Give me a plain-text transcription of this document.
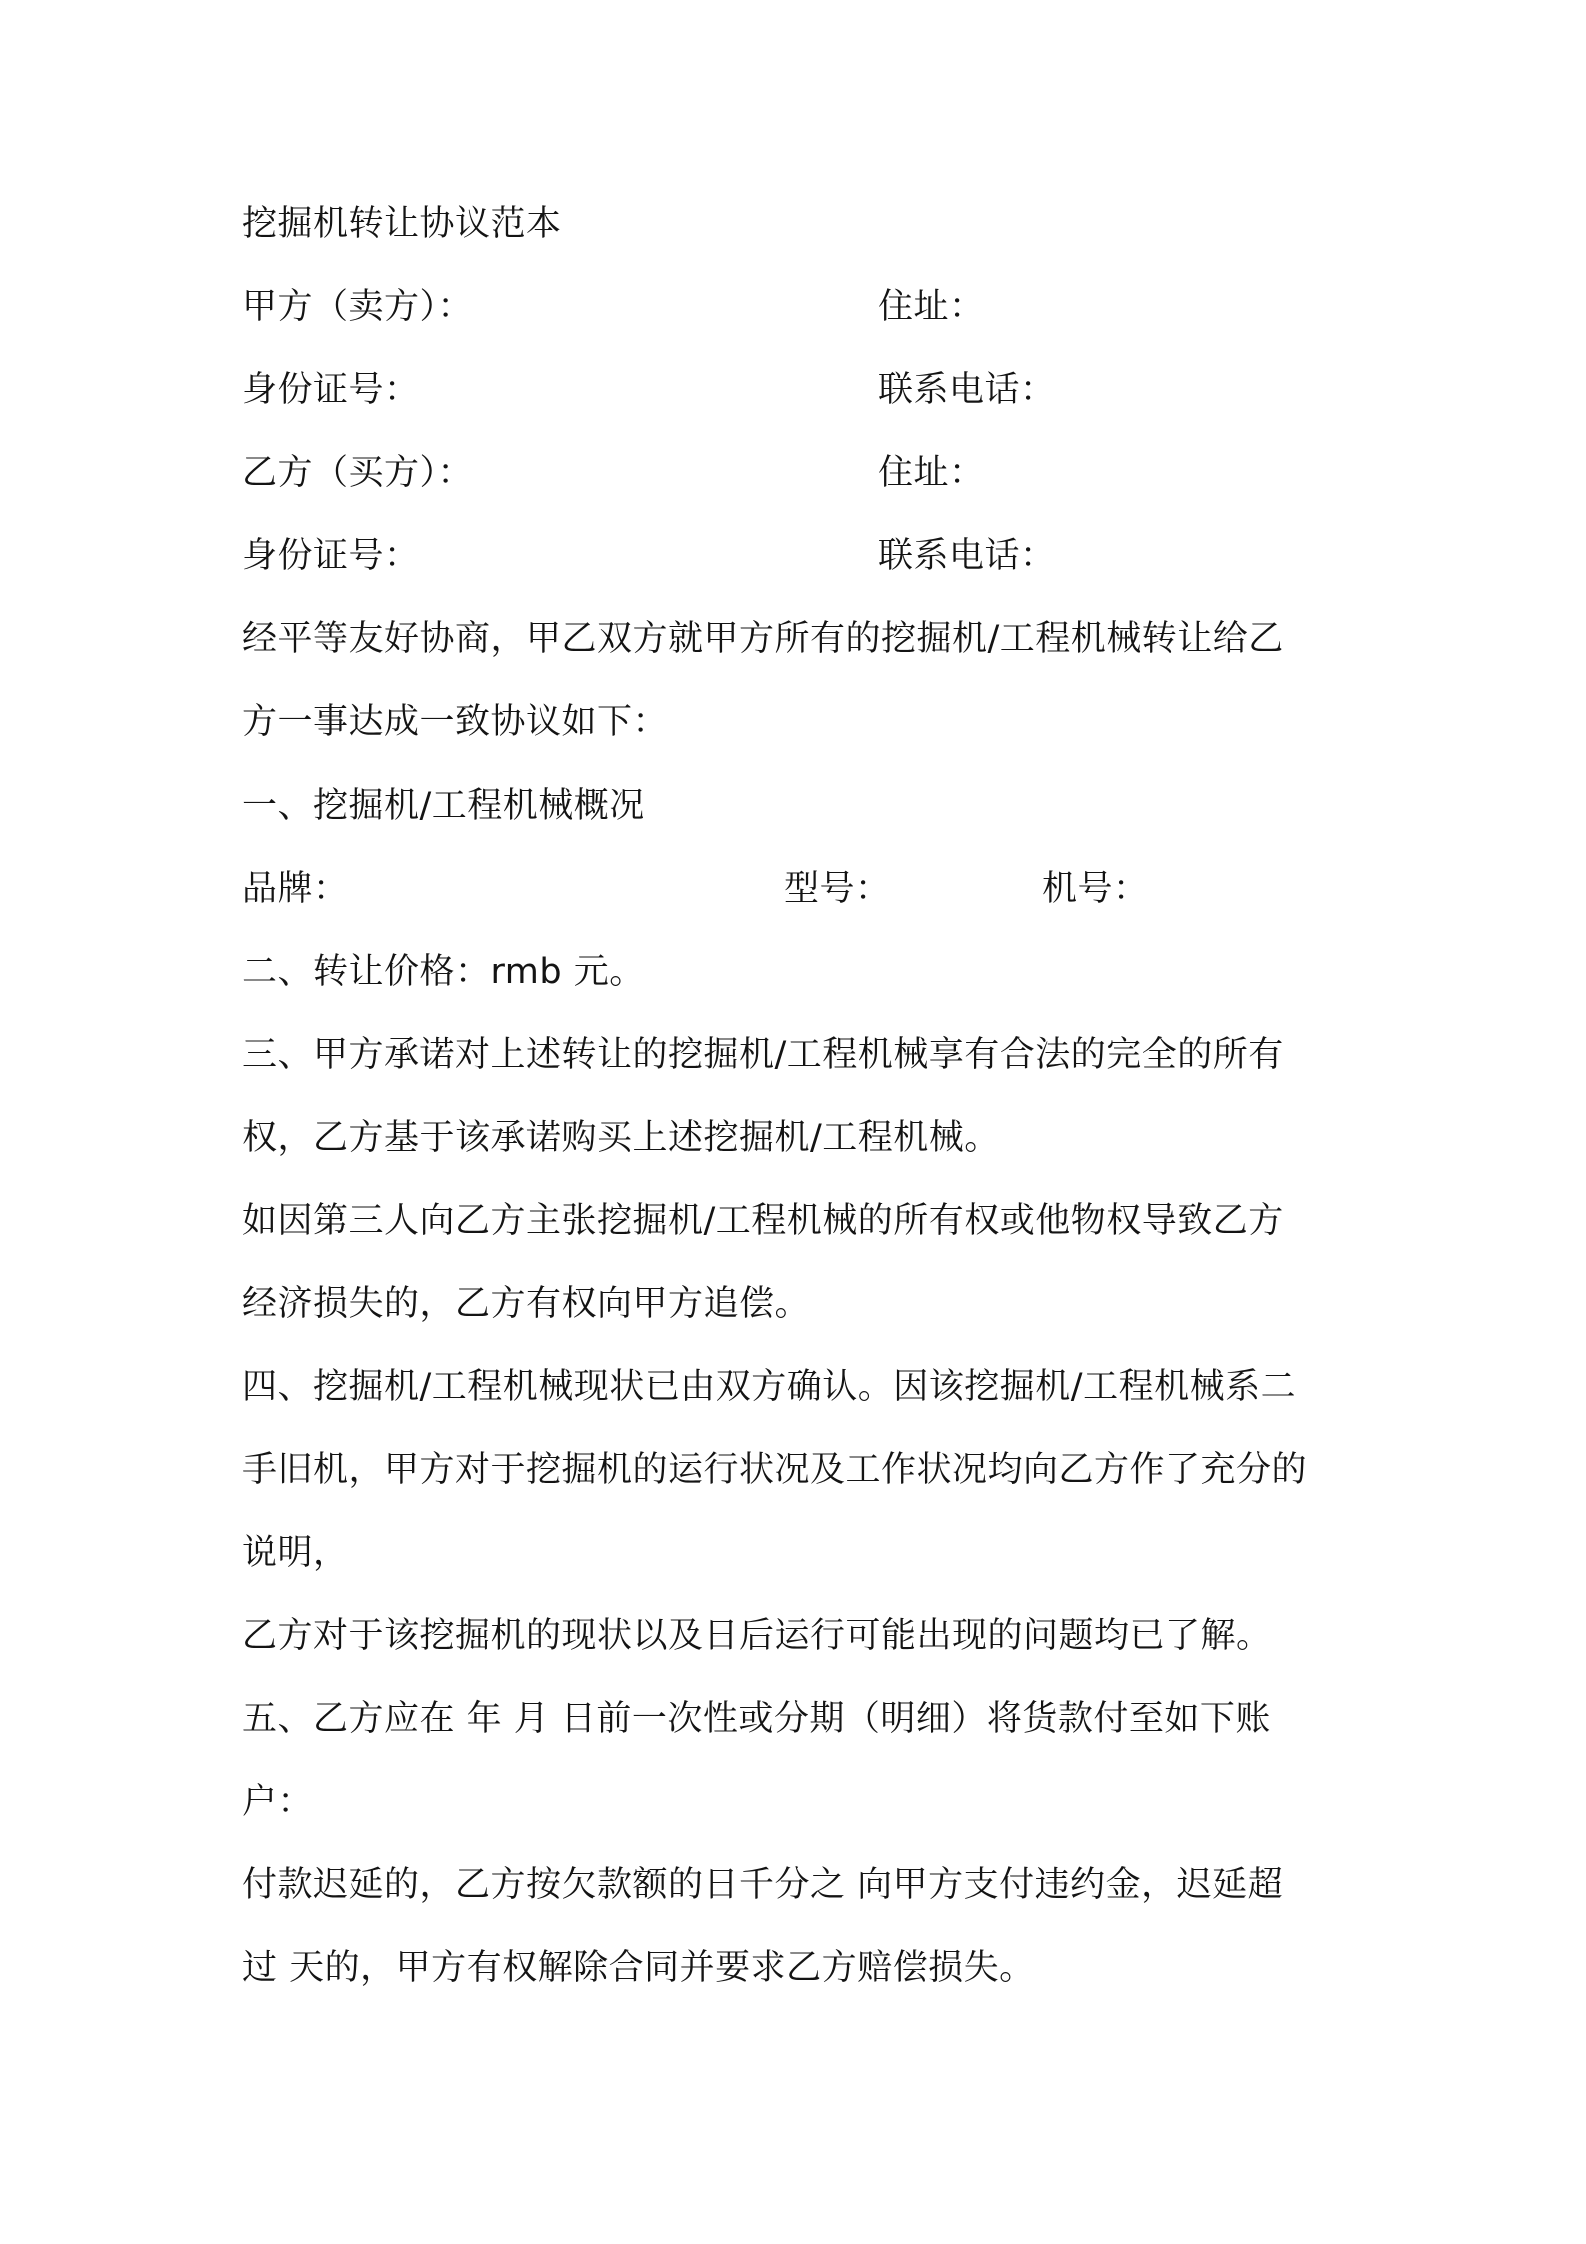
挖掘机转让协议范本
甲方（卖方）：	住址：
身份证号：	联系电话：
乙方（买方）：	住址：
身份证号：	联系电话：
经平等友好协商，甲乙双方就甲方所有的挖掘机/工程机械转让给乙
方一事达成一致协议如下：
一、挖掘机/工程机械概况
品牌：	型号：	机号：
二、转让价格：rmb 元。
三、甲方承诺对上述转让的挖掘机/工程机械享有合法的完全的所有
权，乙方基于该承诺购买上述挖掘机/工程机械。
如因第三人向乙方主张挖掘机/工程机械的所有权或他物权导致乙方
经济损失的，乙方有权向甲方追偿。
四、挖掘机/工程机械现状已由双方确认。因该挖掘机/工程机械系二
手旧机，甲方对于挖掘机的运行状况及工作状况均向乙方作了充分的
说明，
乙方对于该挖掘机的现状以及日后运行可能出现的问题均已了解。
五、乙方应在 年 月 日前一次性或分期（明细）将货款付至如下账
户：
付款迟延的，乙方按欠款额的日千分之 向甲方支付违约金，迟延超
过 天的，甲方有权解除合同并要求乙方赔偿损失。
